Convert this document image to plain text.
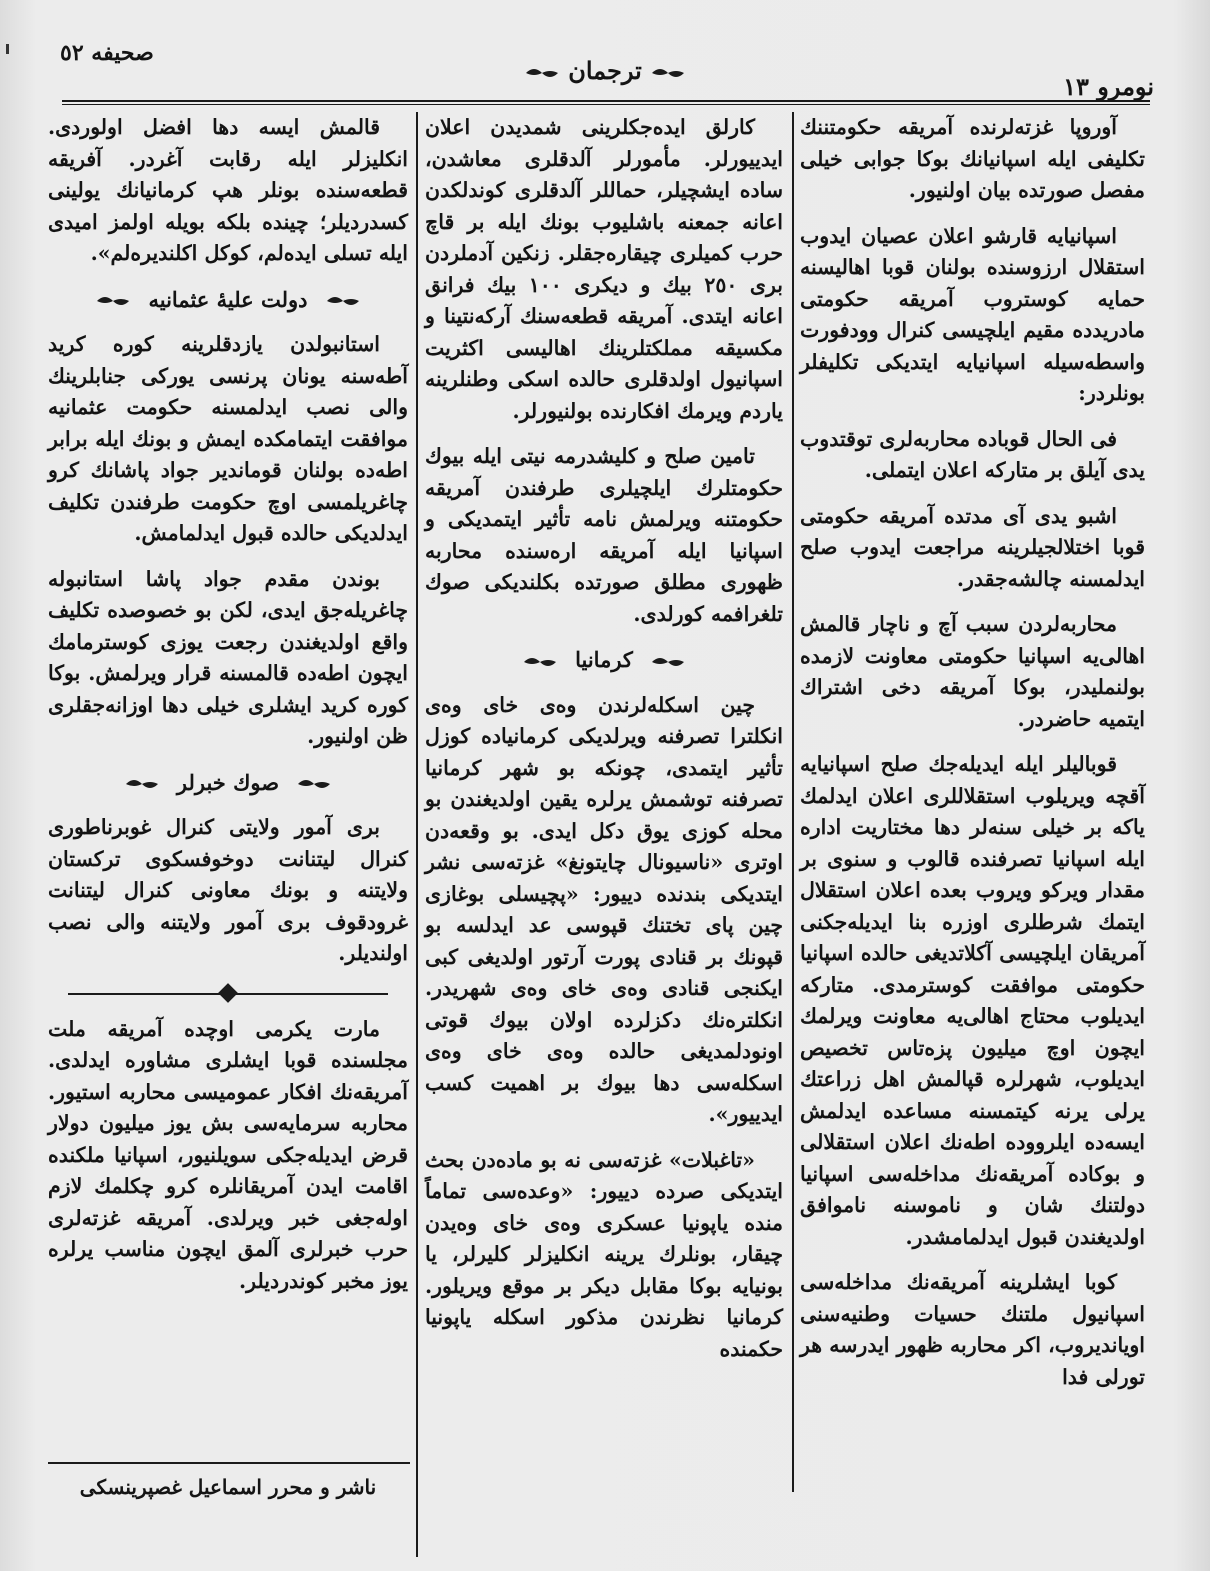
صحیفه ٥٢
ترجمان
نومرو ١٣

آوروپا غزته‌لرنده آمریقه حکومتننك تکلیفی ایله اسپانیانك بوكا جوابی خیلی مفصل صورتده بیان اولنیور.

اسپانیایه قارشو اعلان عصیان ایدوب استقلال ارزوسنده بولنان قوبا اهالیسنه حمایه کوستروب آمریقه حکومتی مادریدده مقیم ایلچیسی کنرال وودفورت واسطه‌سیله اسپانیایه ایتدیکی تکلیفلر بونلردر:

فی الحال قوباده محاربه‌لری توقتدوب یدی آیلق بر متارکه اعلان ایتملی.

اشبو یدی آی مدتده آمریقه حکومتی قوبا اختلالجیلرینه مراجعت ایدوب صلح ایدلمسنه چالشه‌جقدر.

محاربه‌لردن سبب آچ و ناچار قالمش اهالی‌یه اسپانیا حکومتی معاونت لازمده بولنملیدر، بوكا آمریقه دخی اشتراك ایتمیه حاضردر.

قوبالیلر ایله ایدیله‌جك صلح اسپانیایه آقچه ویریلوب استقلاللری اعلان ایدلمك یاکه بر خیلی سنه‌لر دها مختاریت اداره ایله اسپانیا تصرفنده قالوب و سنوی بر مقدار ویرکو ویروب بعده اعلان استقلال ایتمك شرطلری اوزره بنا ایدیله‌جکنی آمریقان ایلچیسی آکلاتدیغی حالده اسپانیا حکومتی موافقت کوسترمدی. متارکه ایدیلوب محتاج اهالی‌یه معاونت ویرلمك ایچون اوچ میلیون پزه‌تاس تخصیص ایدیلوب، شهرلره قپالمش اهل زراعتك یرلی یرنه کیتمسنه مساعده ایدلمش ایسه‌ده ایلرووده اطه‌نك اعلان استقلالی و بوكاده آمریقه‌نك مداخله‌سی اسپانیا دولتنك شان و ناموسنه ناموافق اولدیغندن قبول ایدلمامشدر.

کوبا ایشلرینه آمریقه‌نك مداخله‌سی اسپانیول ملتنك حسیات وطنیه‌سنی اویاندیروب، اکر محاربه ظهور ایدرسه هر تورلی فدا

کارلق ایده‌جکلرینی شمدیدن اعلان ایدییورلر. مأمورلر آلدقلری معاشدن، ساده ایشچیلر، حماللر آلدقلری کوندلکدن اعانه جمعنه باشلیوب بونك ایله بر قاچ حرب کمیلری چیقاره‌جقلر. زنکین آدملردن بری ٢٥٠ بیك و دیکری ١٠٠ بیك فرانق اعانه ایتدی. آمریقه قطعه‌سنك آرکه‌نتینا و مکسیقه مملکتلرینك اهالیسی اکثریت اسپانیول اولدقلری حالده اسکی وطنلرینه یاردم ویرمك افکارنده بولنیورلر.

تامین صلح و کلیشدرمه نیتی ایله بیوك حکومتلرك ایلچیلری طرفندن آمریقه حکومتنه ویرلمش نامه تأثیر ایتمدیکی و اسپانیا ایله آمریقه اره‌سنده محاربه ظهوری مطلق صورتده بکلندیکی صوك تلغرافمه کورلدی.

کرمانیا

چین اسکله‌لرندن وه‌ی خای وه‌ی انکلترا تصرفنه ویرلدیکی کرمانیاده کوزل تأثیر ایتمدی، چونکه بو شهر کرمانیا تصرفنه توشمش یرلره یقین اولدیغندن بو محله کوزی یوق دکل ایدی. بو وقعه‌دن اوتری «ناسیونال چایتونغ» غزته‌سی نشر ایتدیکی بندنده دییور: «پچیسلی بوغازی چین پای تختنك قپوسی عد ایدلسه بو قپونك بر قنادی پورت آرتور اولدیغی کبی ایکنجی قنادی وه‌ی خای وه‌ی شهریدر. انکلتره‌نك دکزلرده اولان بیوك قوتی اونودلمدیغی حالده وه‌ی خای وه‌ی اسکله‌سی دها بیوك بر اهمیت کسب ایدییور».

«تاغبلات» غزته‌سی نه بو ماده‌دن بحث ایتدیکی صرده دییور: «وعده‌سی تماماً منده یاپونیا عسکری وه‌ی خای وه‌یدن چیقار، بونلرك یرینه انکلیزلر کلیرلر، یا بونیایه بوكا مقابل دیکر بر موقع ویریلور. کرمانیا نظرندن مذکور اسکله یاپونیا حکمنده

قالمش ایسه دها افضل اولوردی. انکلیزلر ایله رقابت آغردر. آفریقه قطعه‌سنده بونلر هپ کرمانیانك یولینی کسدردیلر؛ چینده بلکه بویله اولمز امیدی ایله تسلی ایده‌لم، کوکل اکلندیره‌لم».

دولت علیهٔ عثمانیه

استانبولدن یازدقلرینه کوره کرید آطه‌سنه یونان پرنسی یورکی جنابلرینك والی نصب ایدلمسنه حکومت عثمانیه موافقت ایتمامکده ایمش و بونك ایله برابر اطه‌ده بولنان قوماندیر جواد پاشانك کرو چاغریلمسی اوچ حکومت طرفندن تکلیف ایدلدیکی حالده قبول ایدلمامش.

بوندن مقدم جواد پاشا استانبوله چاغریله‌جق ایدی، لکن بو خصوصده تکلیف واقع اولدیغندن رجعت یوزی کوسترمامك ایچون اطه‌ده قالمسنه قرار ویرلمش. بوكا کوره کرید ایشلری خیلی دها اوزانه‌جقلری ظن اولنیور.

صوك خبرلر

بری آمور ولایتی کنرال غوبرناطوری کنرال لیتنانت دوخوفسکوی ترکستان ولایتنه و بونك معاونی کنرال لیتنانت غرودقوف بری آمور ولایتنه والی نصب اولندیلر.

مارت یکرمی اوچده آمریقه ملت مجلسنده قوبا ایشلری مشاوره ایدلدی. آمریقه‌نك افکار عمومیسی محاربه استیور. محاربه سرمایه‌سی بش یوز میلیون دولار قرض ایدیله‌جکی سویلنیور، اسپانیا ملکنده اقامت ایدن آمریقانلره کرو چکلمك لازم اوله‌جغی خبر ویرلدی. آمریقه غزته‌لری حرب خبرلری آلمق ایچون مناسب یرلره یوز مخبر کوندردیلر.

ناشر و محرر اسماعیل غصپرینسکی
